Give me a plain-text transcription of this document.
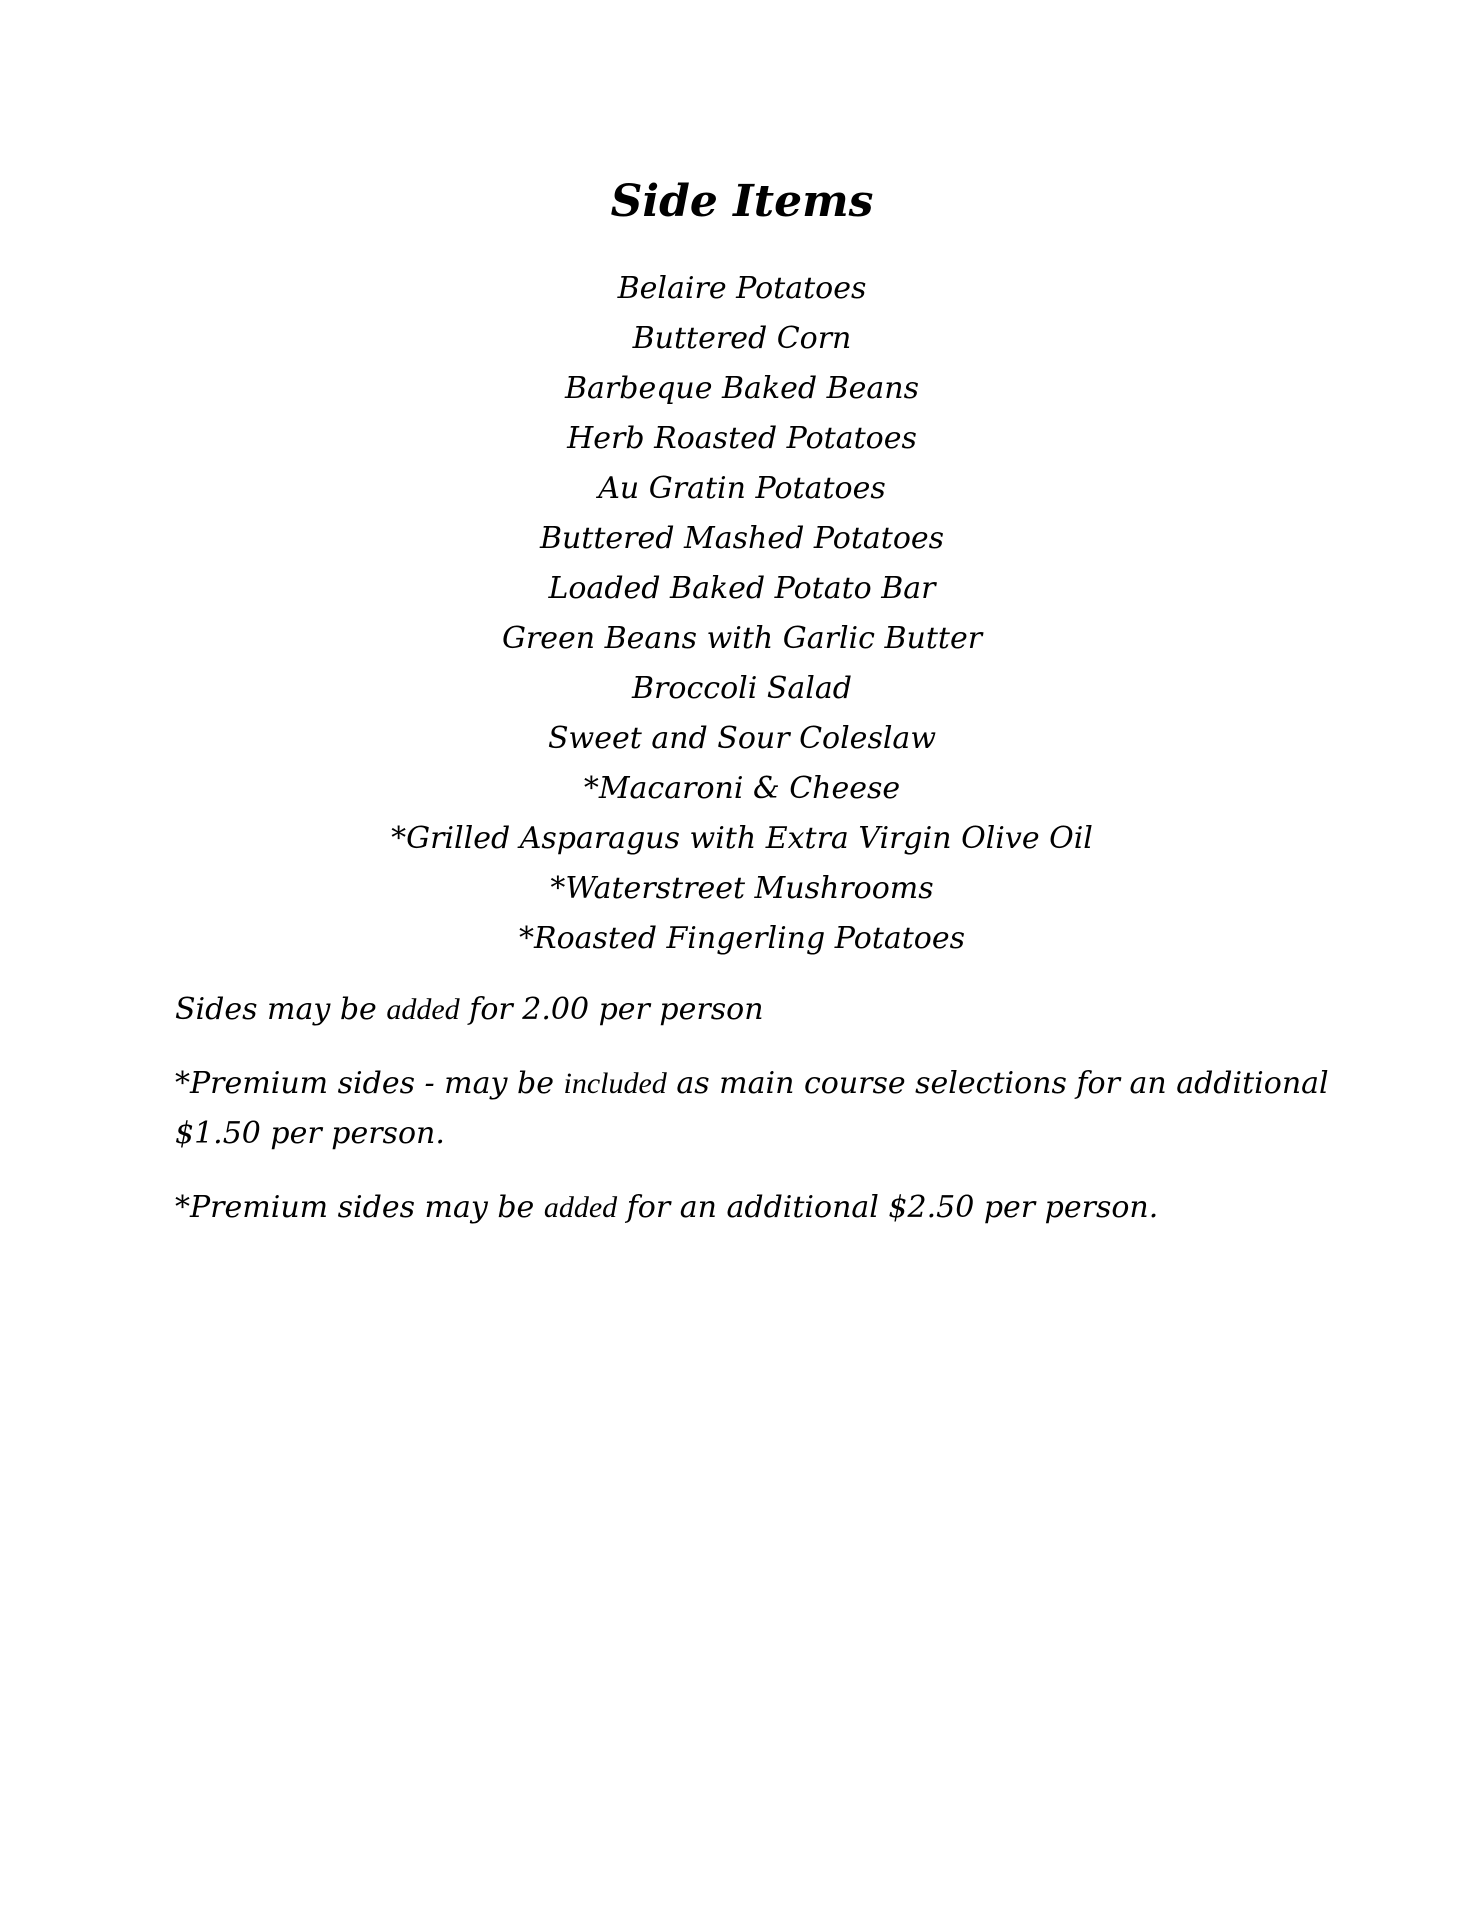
Side Items
Belaire Potatoes
Buttered Corn
Barbeque Baked Beans
Herb Roasted Potatoes
Au Gratin Potatoes
Buttered Mashed Potatoes
Loaded Baked Potato Bar
Green Beans with Garlic Butter
Broccoli Salad
Sweet and Sour Coleslaw
*Macaroni & Cheese
*Grilled Asparagus with Extra Virgin Olive Oil
*Waterstreet Mushrooms
*Roasted Fingerling Potatoes

Sides may be added for 2.00 per person

*Premium sides - may be included as main course selections for an additional $1.50 per person.

*Premium sides may be added for an additional $2.50 per person.
